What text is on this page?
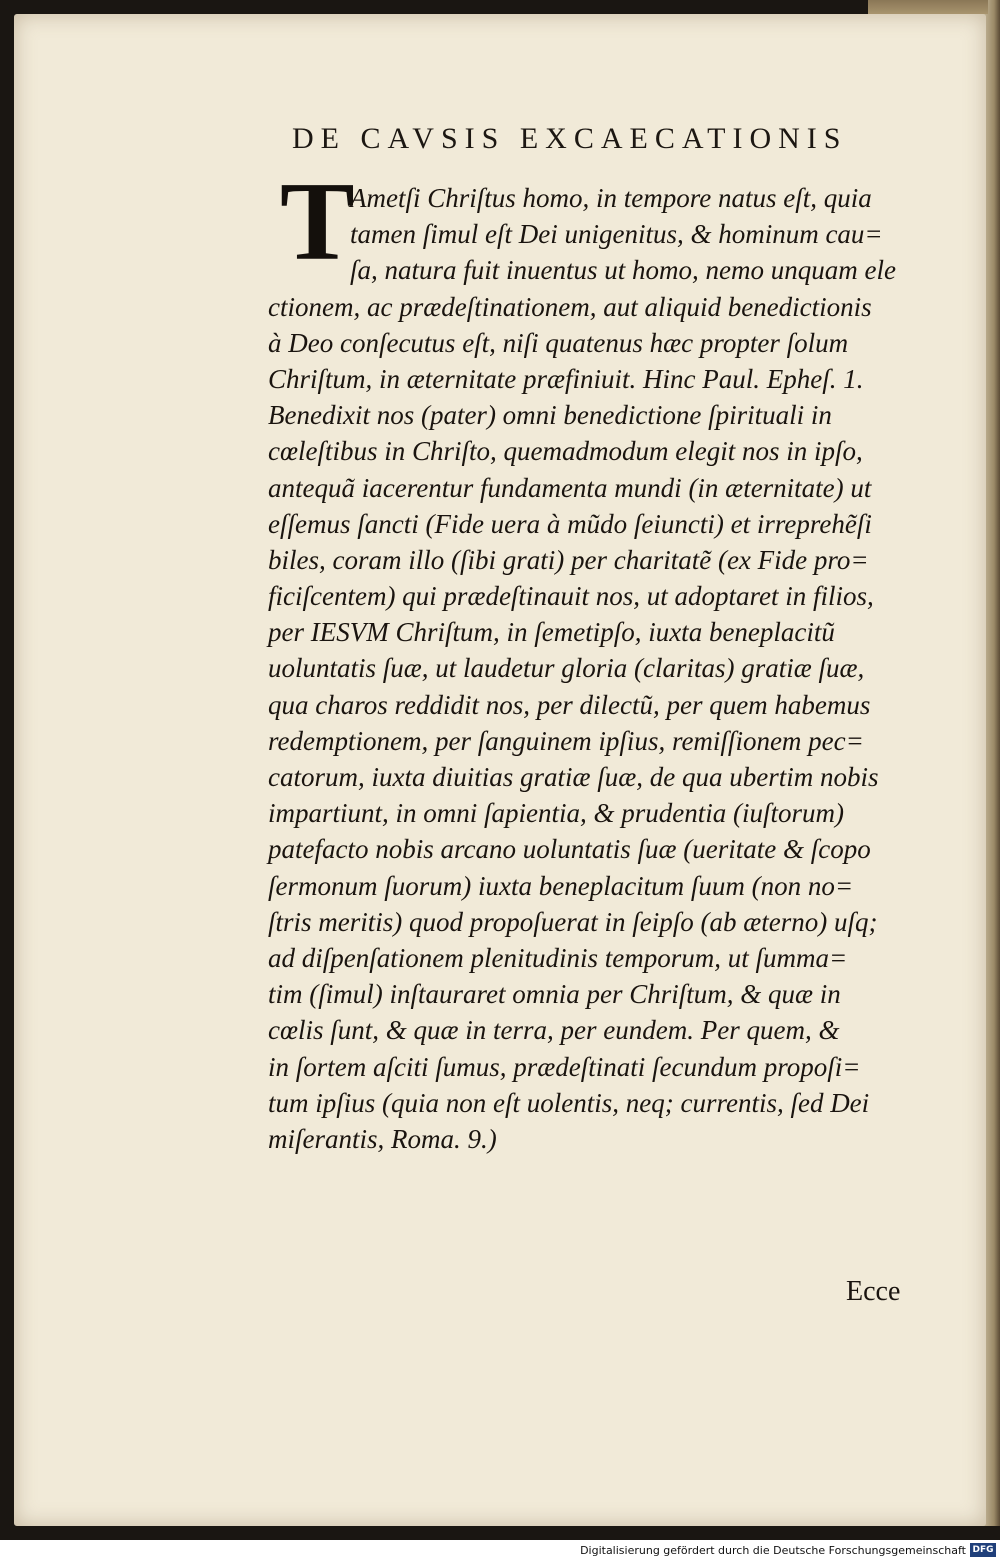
DE CAVSIS EXCAECATIONIS
T
Ametſi Chriſtus homo, in tempore natus eſt, quia
tamen ſimul eſt Dei unigenitus, & hominum cau=
ſa, natura fuit inuentus ut homo, nemo unquam ele
ctionem, ac prædeſtinationem, aut aliquid benedictionis
à Deo conſecutus eſt, niſi quatenus hæc propter ſolum
Chriſtum, in æternitate præfiniuit. Hinc Paul. Epheſ. 1.
Benedixit nos (pater) omni benedictione ſpirituali in
cœleſtibus in Chriſto, quemadmodum elegit nos in ipſo,
antequã iacerentur fundamenta mundi (in æternitate) ut
eſſemus ſancti (Fide uera à mũdo ſeiuncti) et irreprehẽſi
biles, coram illo (ſibi grati) per charitatẽ (ex Fide pro=
ficiſcentem) qui prædeſtinauit nos, ut adoptaret in filios,
per IESVM Chriſtum, in ſemetipſo, iuxta beneplacitũ
uoluntatis ſuæ, ut laudetur gloria (claritas) gratiæ ſuæ,
qua charos reddidit nos, per dilectũ, per quem habemus
redemptionem, per ſanguinem ipſius, remiſſionem pec=
catorum, iuxta diuitias gratiæ ſuæ, de qua ubertim nobis
impartiunt, in omni ſapientia, & prudentia (iuſtorum)
patefacto nobis arcano uoluntatis ſuæ (ueritate & ſcopo
ſermonum ſuorum) iuxta beneplacitum ſuum (non no=
ſtris meritis) quod propoſuerat in ſeipſo (ab æterno) uſq;
ad diſpenſationem plenitudinis temporum, ut ſumma=
tim (ſimul) inſtauraret omnia per Chriſtum, & quæ in
cœlis ſunt, & quæ in terra, per eundem. Per quem, &
in ſortem aſciti ſumus, prædeſtinati ſecundum propoſi=
tum ipſius (quia non eſt uolentis, neq; currentis, ſed Dei
miſerantis, Roma. 9.)
Ecce
Digitalisierung gefördert durch die Deutsche Forschungsgemeinschaft DFG
